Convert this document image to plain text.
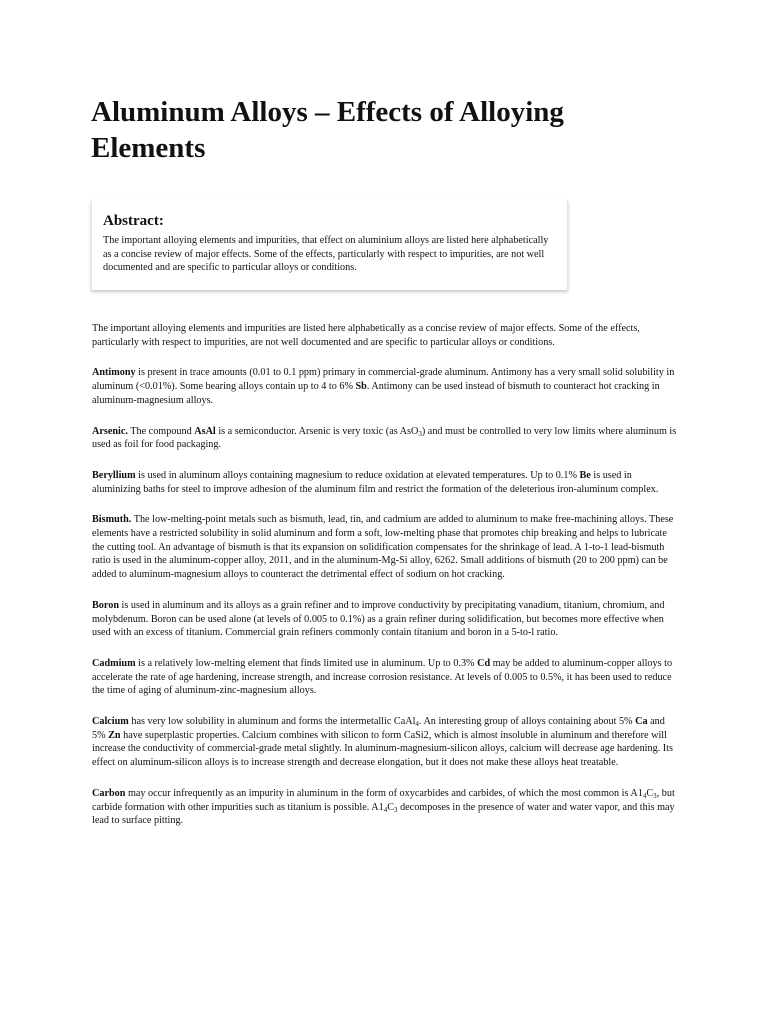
Aluminum Alloys – Effects of Alloying Elements
Abstract:

The important alloying elements and impurities, that effect on aluminium alloys are listed here alphabetically as a concise review of major effects. Some of the effects, particularly with respect to impurities, are not well documented and are specific to particular alloys or conditions.

The important alloying elements and impurities are listed here alphabetically as a concise review of major effects. Some of the effects, particularly with respect to impurities, are not well documented and are specific to particular alloys or conditions.

Antimony is present in trace amounts (0.01 to 0.1 ppm) primary in commercial-grade aluminum. Antimony has a very small solid solubility in aluminum (<0.01%). Some bearing alloys contain up to 4 to 6% Sb. Antimony can be used instead of bismuth to counteract hot cracking in aluminum-magnesium alloys.

Arsenic. The compound AsAl is a semiconductor. Arsenic is very toxic (as AsO$_3$) and must be controlled to very low limits where aluminum is used as foil for food packaging.

Beryllium is used in aluminum alloys containing magnesium to reduce oxidation at elevated temperatures. Up to 0.1% Be is used in aluminizing baths for steel to improve adhesion of the aluminum film and restrict the formation of the deleterious iron-aluminum complex.

Bismuth. The low-melting-point metals such as bismuth, lead, tin, and cadmium are added to aluminum to make free-machining alloys. These elements have a restricted solubility in solid aluminum and form a soft, low-melting phase that promotes chip breaking and helps to lubricate the cutting tool. An advantage of bismuth is that its expansion on solidification compensates for the shrinkage of lead. A 1-to-1 lead-bismuth ratio is used in the aluminum-copper alloy, 2011, and in the aluminum-Mg-Si alloy, 6262. Small additions of bismuth (20 to 200 ppm) can be added to aluminum-magnesium alloys to counteract the detrimental effect of sodium on hot cracking.

Boron is used in aluminum and its alloys as a grain refiner and to improve conductivity by precipitating vanadium, titanium, chromium, and molybdenum. Boron can be used alone (at levels of 0.005 to 0.1%) as a grain refiner during solidification, but becomes more effective when used with an excess of titanium. Commercial grain refiners commonly contain titanium and boron in a 5-to-l ratio.

Cadmium is a relatively low-melting element that finds limited use in aluminum. Up to 0.3% Cd may be added to aluminum-copper alloys to accelerate the rate of age hardening, increase strength, and increase corrosion resistance. At levels of 0.005 to 0.5%, it has been used to reduce the time of aging of aluminum-zinc-magnesium alloys.

Calcium has very low solubility in aluminum and forms the intermetallic CaAl$_4$. An interesting group of alloys containing about 5% Ca and 5% Zn have superplastic properties. Calcium combines with silicon to form CaSi2, which is almost insoluble in aluminum and therefore will increase the conductivity of commercial-grade metal slightly. In aluminum-magnesium-silicon alloys, calcium will decrease age hardening. Its effect on aluminum-silicon alloys is to increase strength and decrease elongation, but it does not make these alloys heat treatable.

Carbon may occur infrequently as an impurity in aluminum in the form of oxycarbides and carbides, of which the most common is $A1_4C_3$, but carbide formation with other impurities such as titanium is possible. $A1_4C_3$ decomposes in the presence of water and water vapor, and this may lead to surface pitting.
